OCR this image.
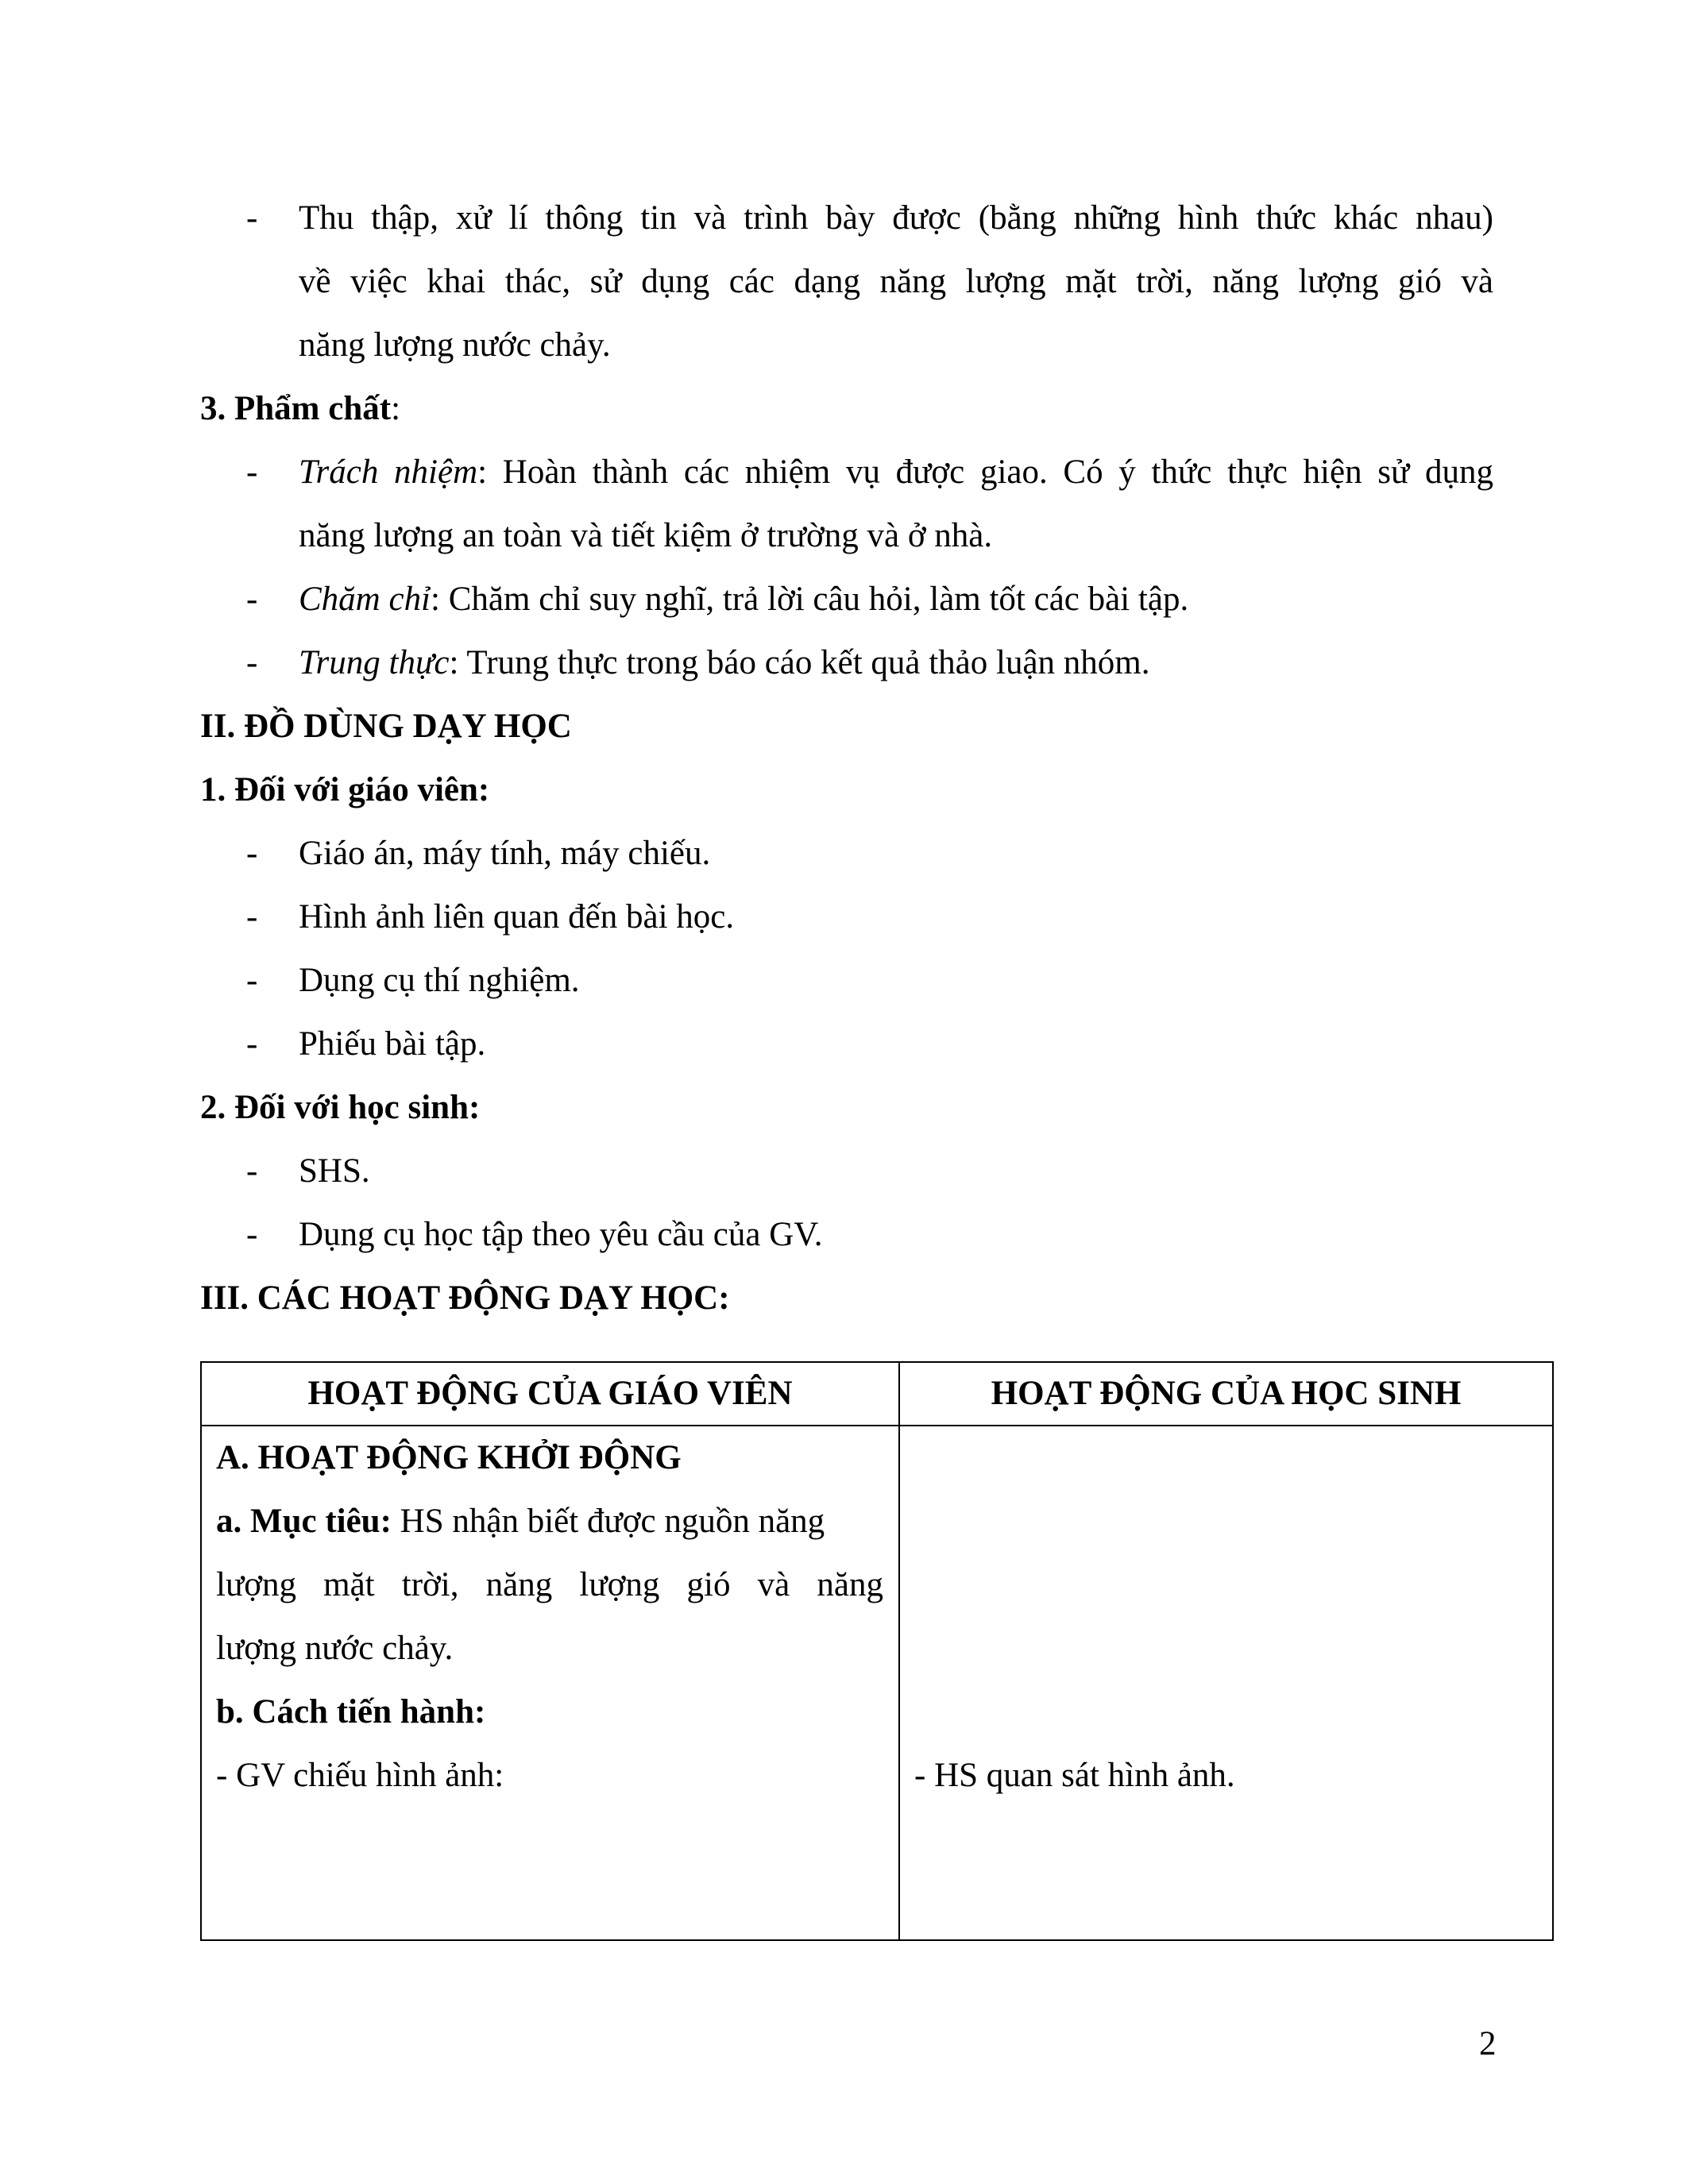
- Thu thập, xử lí thông tin và trình bày được (bằng những hình thức khác nhau)
về việc khai thác, sử dụng các dạng năng lượng mặt trời, năng lượng gió và
năng lượng nước chảy.
3. Phẩm chất:
- Trách nhiệm: Hoàn thành các nhiệm vụ được giao. Có ý thức thực hiện sử dụng
năng lượng an toàn và tiết kiệm ở trường và ở nhà.
- Chăm chỉ: Chăm chỉ suy nghĩ, trả lời câu hỏi, làm tốt các bài tập.
- Trung thực: Trung thực trong báo cáo kết quả thảo luận nhóm.
II. ĐỒ DÙNG DẠY HỌC
1. Đối với giáo viên:
- Giáo án, máy tính, máy chiếu.
- Hình ảnh liên quan đến bài học.
- Dụng cụ thí nghiệm.
- Phiếu bài tập.
2. Đối với học sinh:
- SHS.
- Dụng cụ học tập theo yêu cầu của GV.
III. CÁC HOẠT ĐỘNG DẠY HỌC:
HOẠT ĐỘNG CỦA GIÁO VIÊN	HOẠT ĐỘNG CỦA HỌC SINH
A. HOẠT ĐỘNG KHỞI ĐỘNG
a. Mục tiêu: HS nhận biết được nguồn năng
lượng mặt trời, năng lượng gió và năng
lượng nước chảy.
b. Cách tiến hành:
- GV chiếu hình ảnh:	- HS quan sát hình ảnh.
2
